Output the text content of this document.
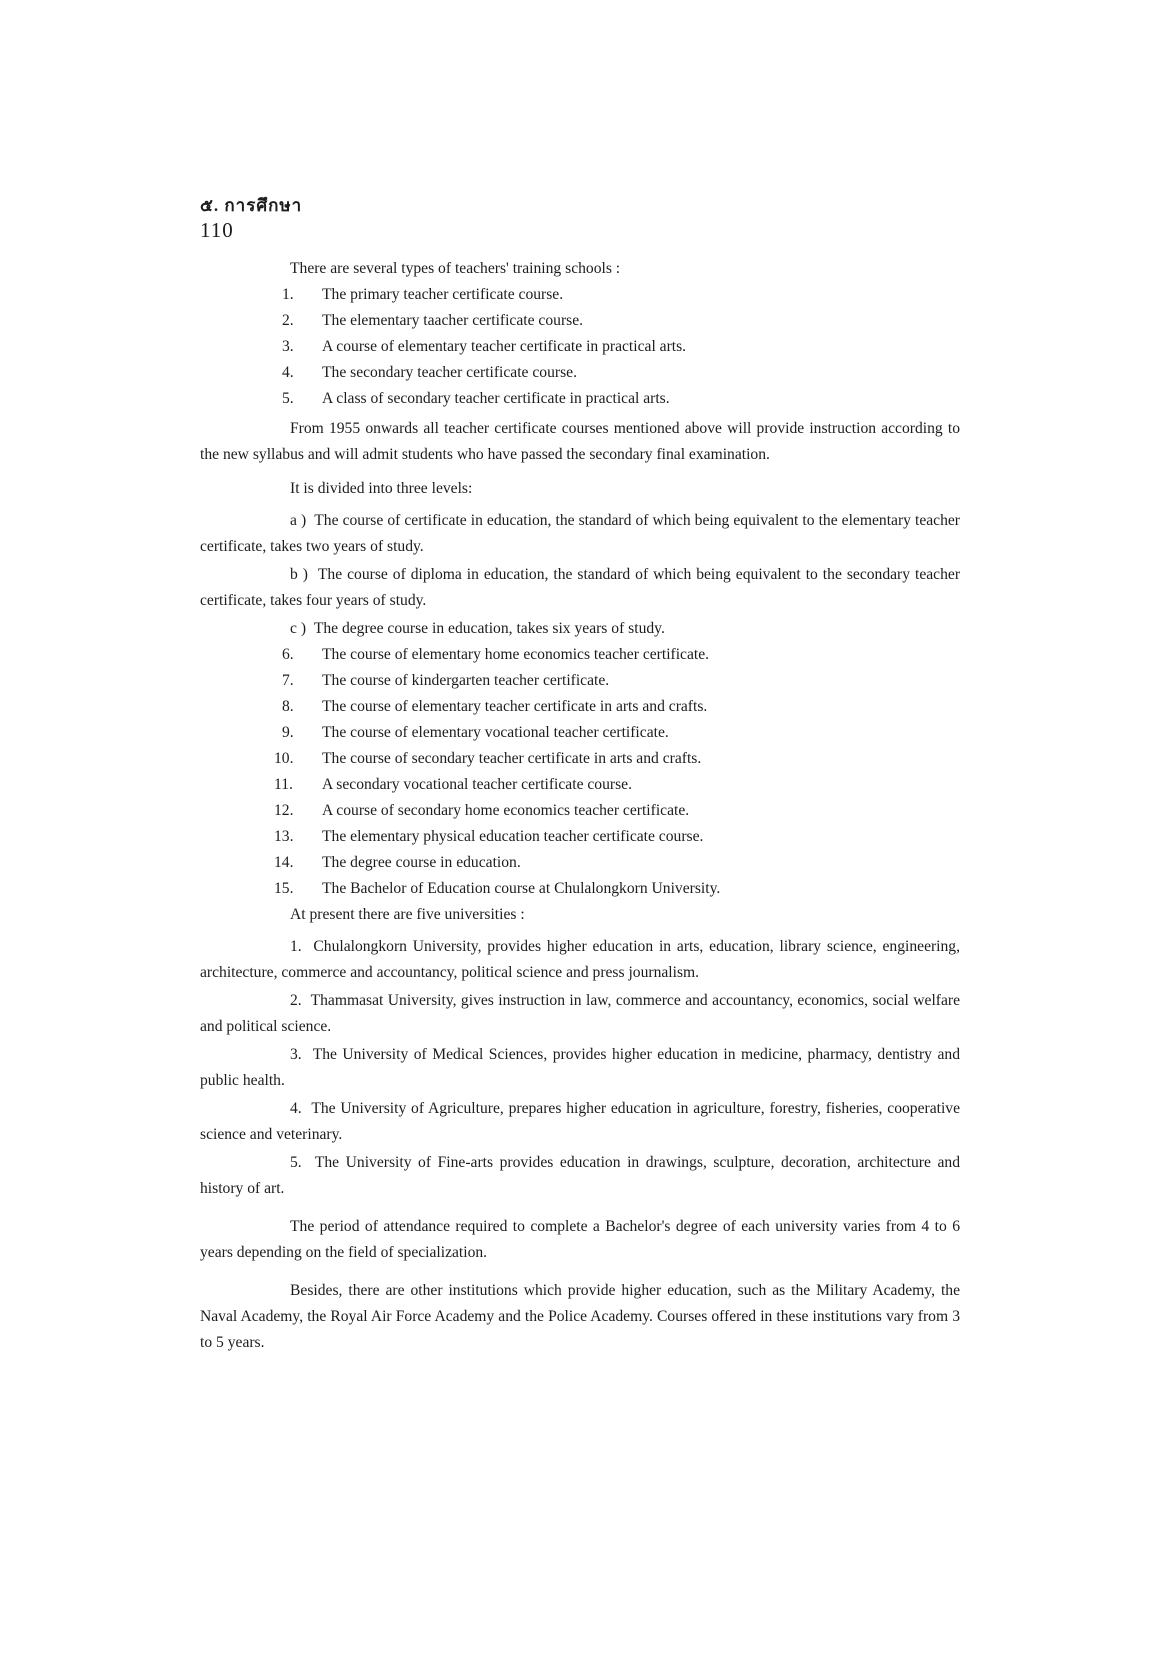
๕. การศึกษา
110
There are several types of teachers' training schools :
1. The primary teacher certificate course.
2. The elementary taacher certificate course.
3. A course of elementary teacher certificate in practical arts.
4. The secondary teacher certificate course.
5. A class of secondary teacher certificate in practical arts.
From 1955 onwards all teacher certificate courses mentioned above will provide instruction according to the new syllabus and will admit students who have passed the secondary final examination.
It is divided into three levels:
a ) The course of certificate in education, the standard of which being equivalent to the elementary teacher certificate, takes two years of study.
b ) The course of diploma in education, the standard of which being equivalent to the secondary teacher certificate, takes four years of study.
c ) The degree course in education, takes six years of study.
6. The course of elementary home economics teacher certificate.
7. The course of kindergarten teacher certificate.
8. The course of elementary teacher certificate in arts and crafts.
9. The course of elementary vocational teacher certificate.
10. The course of secondary teacher certificate in arts and crafts.
11. A secondary vocational teacher certificate course.
12. A course of secondary home economics teacher certificate.
13. The elementary physical education teacher certificate course.
14. The degree course in education.
15. The Bachelor of Education course at Chulalongkorn University.
At present there are five universities :
1. Chulalongkorn University, provides higher education in arts, education, library science, engineering, architecture, commerce and accountancy, political science and press journalism.
2. Thammasat University, gives instruction in law, commerce and accountancy, economics, social welfare and political science.
3. The University of Medical Sciences, provides higher education in medicine, pharmacy, dentistry and public health.
4. The University of Agriculture, prepares higher education in agriculture, forestry, fisheries, cooperative science and veterinary.
5. The University of Fine-arts provides education in drawings, sculpture, decoration, architecture and history of art.
The period of attendance required to complete a Bachelor's degree of each university varies from 4 to 6 years depending on the field of specialization.
Besides, there are other institutions which provide higher education, such as the Military Academy, the Naval Academy, the Royal Air Force Academy and the Police Academy. Courses offered in these institutions vary from 3 to 5 years.
